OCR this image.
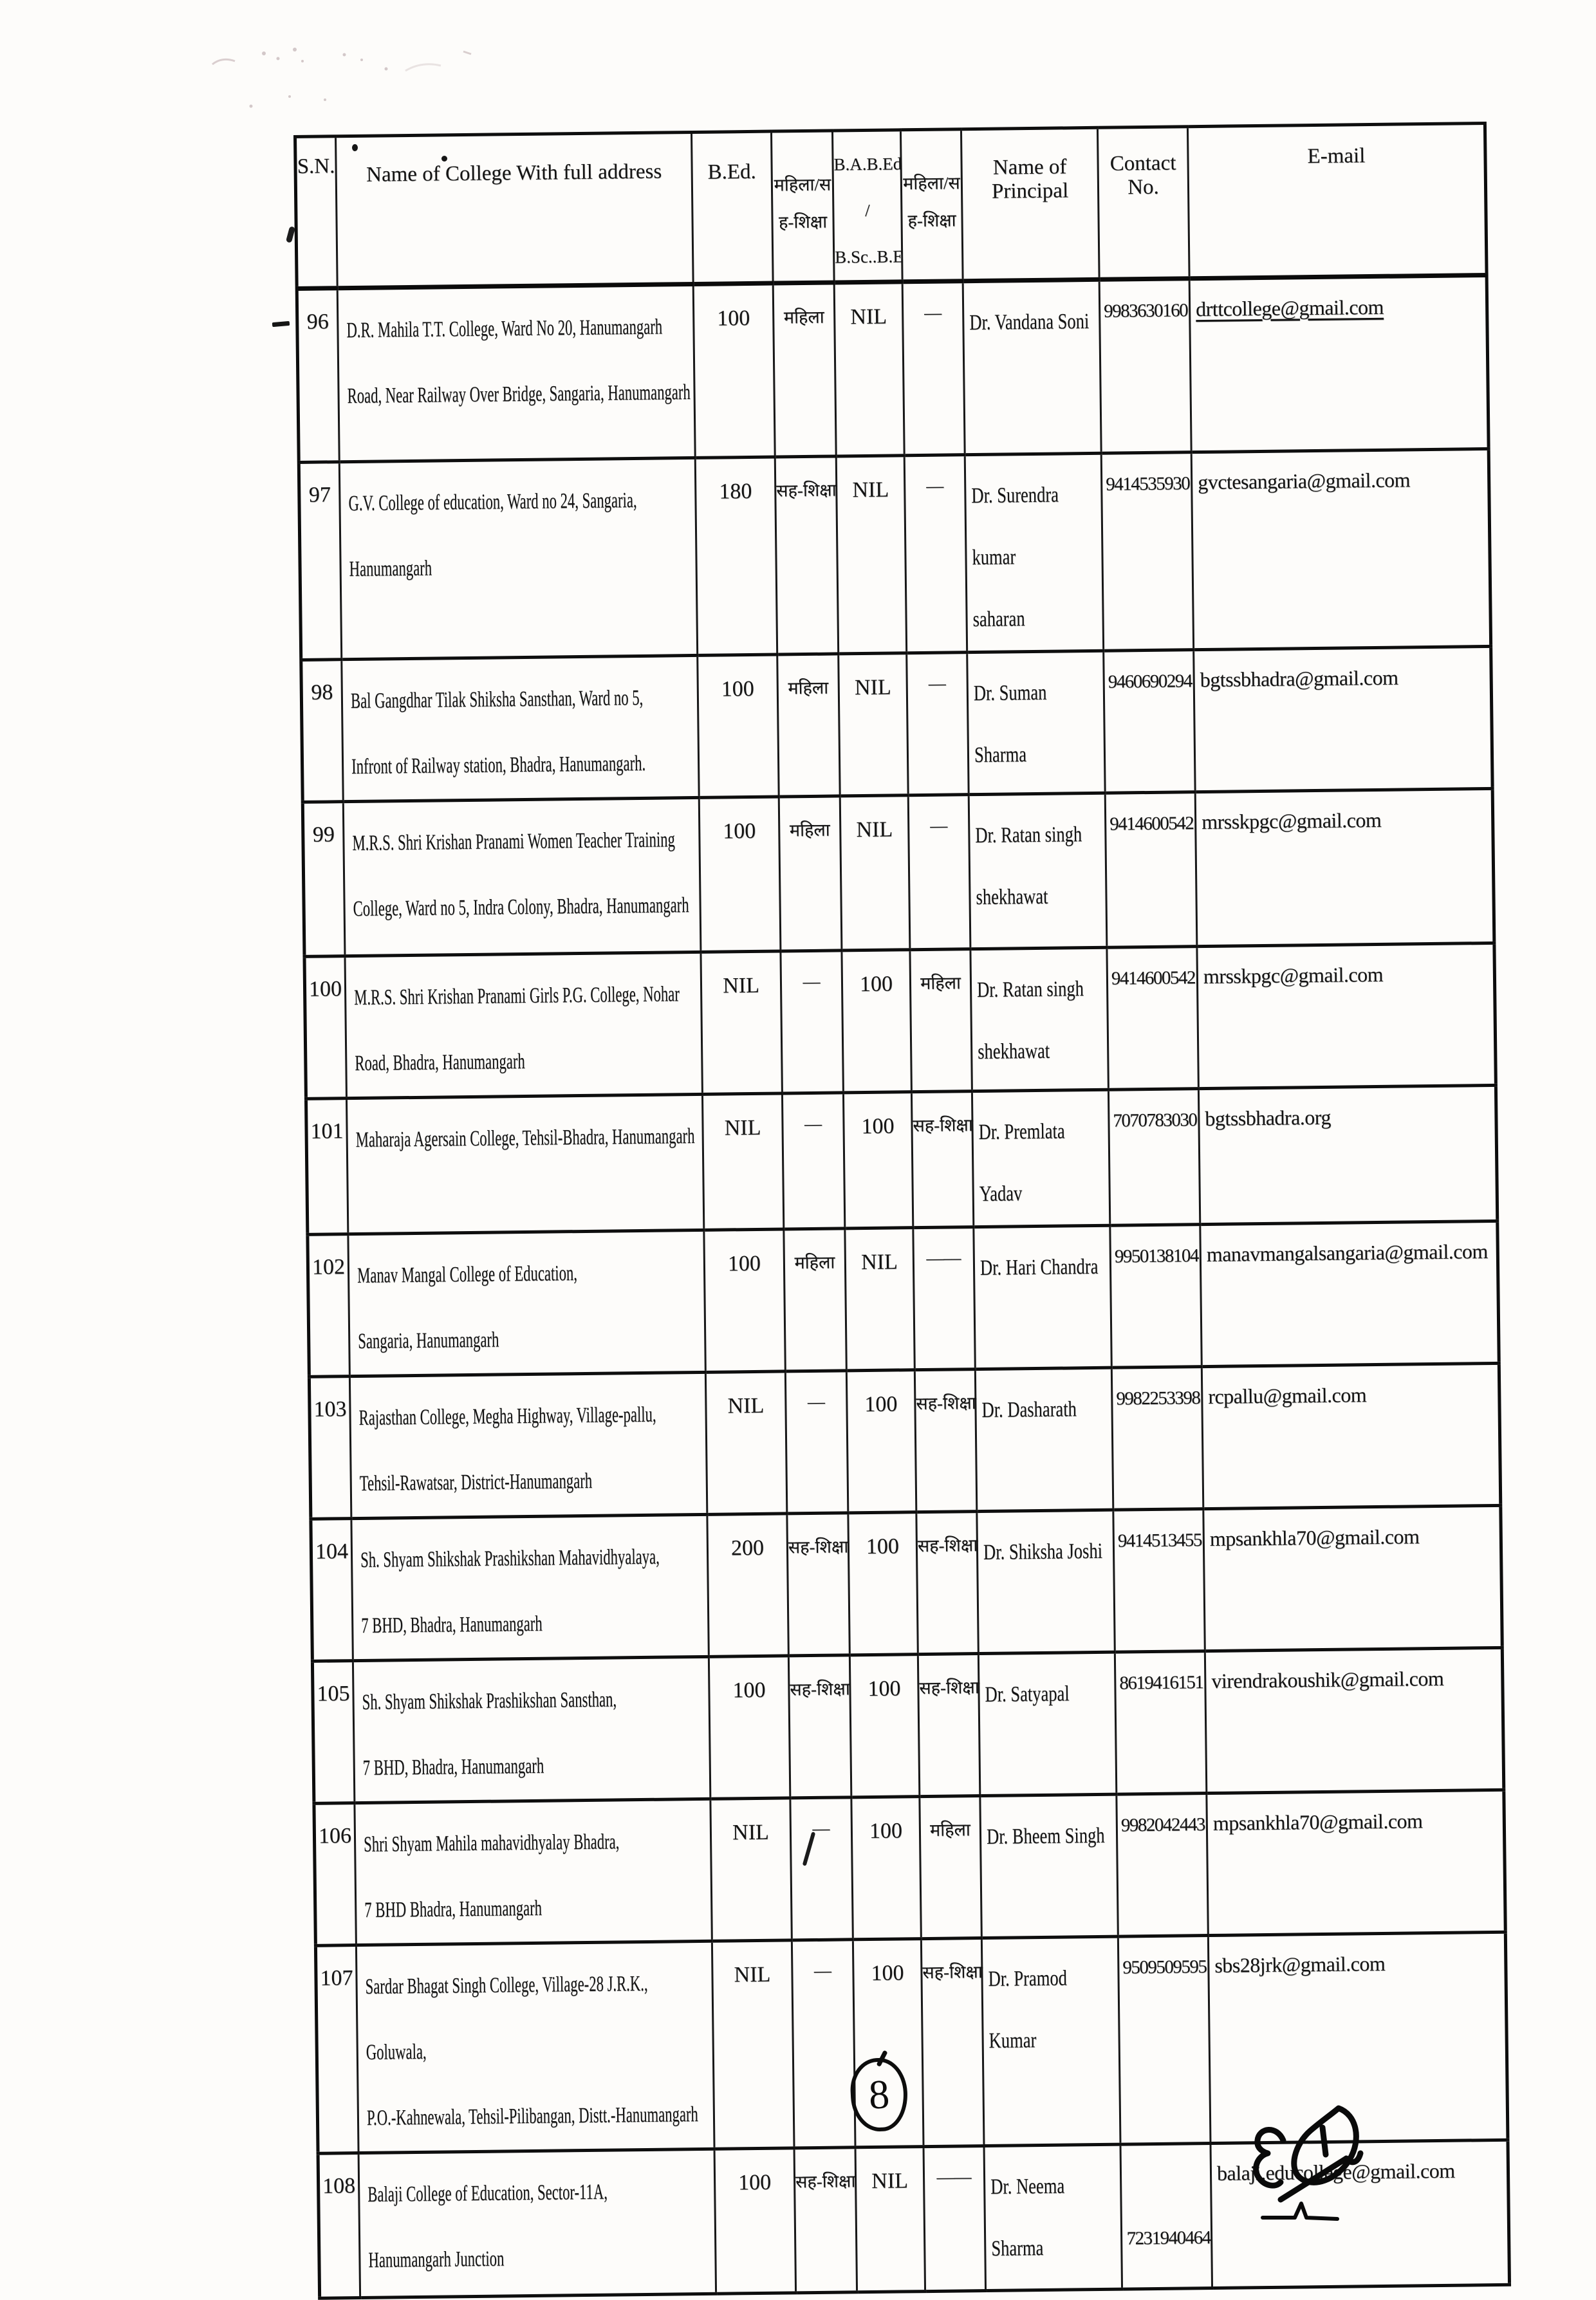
S.N.	Name of College With full address	B.Ed.	महिला/स
ह-शिक्षा	B.A.B.Ed
/
B.Sc..B.E	महिला/स
ह-शिक्षा	Name of Principal	Contact No.	E-mail
96	D.R. Mahila T.T. College, Ward No 20, Hanumangarh
Road, Near Railway Over Bridge, Sangaria, Hanumangarh	100	महिला	NIL	—	Dr. Vandana Soni	9983630160	drttcollege@gmail.com
97	G.V. College of education, Ward no 24, Sangaria,
Hanumangarh	180	सह-शिक्षा	NIL	—	Dr. Surendra kumar
saharan	9414535930	gvctesangaria@gmail.com
98	Bal Gangdhar Tilak Shiksha Sansthan, Ward no 5,
Infront of Railway station, Bhadra, Hanumangarh.	100	महिला	NIL	—	Dr. Suman Sharma	9460690294	bgtssbhadra@gmail.com
99	M.R.S. Shri Krishan Pranami Women Teacher Training
College, Ward no 5, Indra Colony, Bhadra, Hanumangarh	100	महिला	NIL	—	Dr. Ratan singh
shekhawat	9414600542	mrsskpgc@gmail.com
100	M.R.S. Shri Krishan Pranami Girls P.G. College, Nohar
Road, Bhadra, Hanumangarh	NIL	—	100	महिला	Dr. Ratan singh
shekhawat	9414600542	mrsskpgc@gmail.com
101	Maharaja Agersain College, Tehsil-Bhadra, Hanumangarh	NIL	—	100	सह-शिक्षा	Dr. Premlata Yadav	7070783030	bgtssbhadra.org
102	Manav Mangal College of Education,
Sangaria, Hanumangarh	100	महिला	NIL	——	Dr. Hari Chandra	9950138104	manavmangalsangaria@gmail.com
103	Rajasthan College, Megha Highway, Village-pallu,
Tehsil-Rawatsar, District-Hanumangarh	NIL	—	100	सह-शिक्षा	Dr. Dasharath	9982253398	rcpallu@gmail.com
104	Sh. Shyam Shikshak Prashikshan Mahavidhyalaya,
7 BHD, Bhadra, Hanumangarh	200	सह-शिक्षा	100	सह-शिक्षा	Dr. Shiksha Joshi	9414513455	mpsankhla70@gmail.com
105	Sh. Shyam Shikshak Prashikshan Sansthan,
7 BHD, Bhadra, Hanumangarh	100	सह-शिक्षा	100	सह-शिक्षा	Dr. Satyapal	8619416151	virendrakoushik@gmail.com
106	Shri Shyam Mahila mahavidhyalay Bhadra,
7 BHD Bhadra, Hanumangarh	NIL	—	100	महिला	Dr. Bheem Singh	9982042443	mpsankhla70@gmail.com
107	Sardar Bhagat Singh College, Village-28 J.R.K., Goluwala,
P.O.-Kahnewala, Tehsil-Pilibangan, Distt.-Hanumangarh	NIL	—	100	सह-शिक्षा	Dr. Pramod Kumar	9509509595	sbs28jrk@gmail.com
108	Balaji College of Education, Sector-11A,
Hanumangarh Junction	100	सह-शिक्षा	NIL	——	Dr. Neema Sharma	7231940464	balaji.educollege@gmail.com
8
